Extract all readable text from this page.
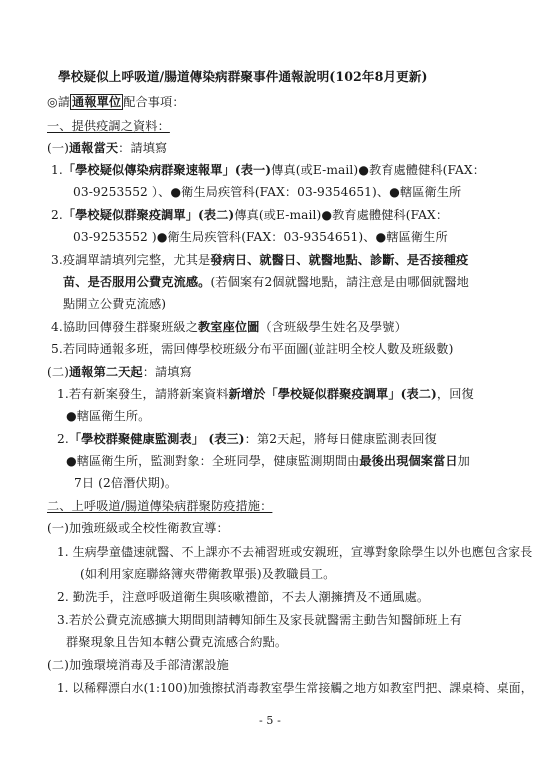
學校疑似上呼吸道/腸道傳染病群聚事件通報說明(102年8月更新)
◎請 通報單位 配合事項：
一、提供疫調之資料：
(一)通報當天：請填寫
1.「學校疑似傳染病群聚速報單」(表一)傳真(或E-mail)●教育處體健科(FAX：
03-9253552 ）、●衛生局疾管科(FAX：03-9354651)、●轄區衛生所
2.「學校疑似群聚疫調單」(表二)傳真(或E-mail)●教育處體健科(FAX：
03-9253552 )●衛生局疾管科(FAX：03-9354651)、●轄區衛生所
3.疫調單請填列完整，尤其是發病日、就醫日、就醫地點、診斷、是否接種疫
苗、是否服用公費克流感。(若個案有2個就醫地點，請注意是由哪個就醫地
點開立公費克流感)
4.協助回傳發生群聚班級之教室座位圖（含班級學生姓名及學號）
5.若同時通報多班，需回傳學校班級分布平面圖(並註明全校人數及班級數)
(二)通報第二天起：請填寫
1.若有新案發生，請將新案資料新增於「學校疑似群聚疫調單」(表二)，回復
●轄區衛生所。
2.「學校群聚健康監測表」 (表三)：第2天起，將每日健康監測表回復
●轄區衛生所，監測對象：全班同學，健康監測期間由最後出現個案當日加
7日 (2倍潛伏期)。
二、上呼吸道/腸道傳染病群聚防疫措施：
(一)加強班級或全校性衛教宣導：
1. 生病學童儘速就醫、不上課亦不去補習班或安親班，宣導對象除學生以外也應包含家長
(如利用家庭聯絡簿夾帶衛教單張)及教職員工。
2. 勤洗手，注意呼吸道衛生與咳嗽禮節，不去人潮擁擠及不通風處。
3.若於公費克流感擴大期間則請轉知師生及家長就醫需主動告知醫師班上有
群聚現象且告知本轄公費克流感合約點。
(二)加強環境消毒及手部清潔設施
1. 以稀釋漂白水(1:100)加強擦拭消毒教室學生常接觸之地方如教室門把、課桌椅、桌面，
- 5 -
